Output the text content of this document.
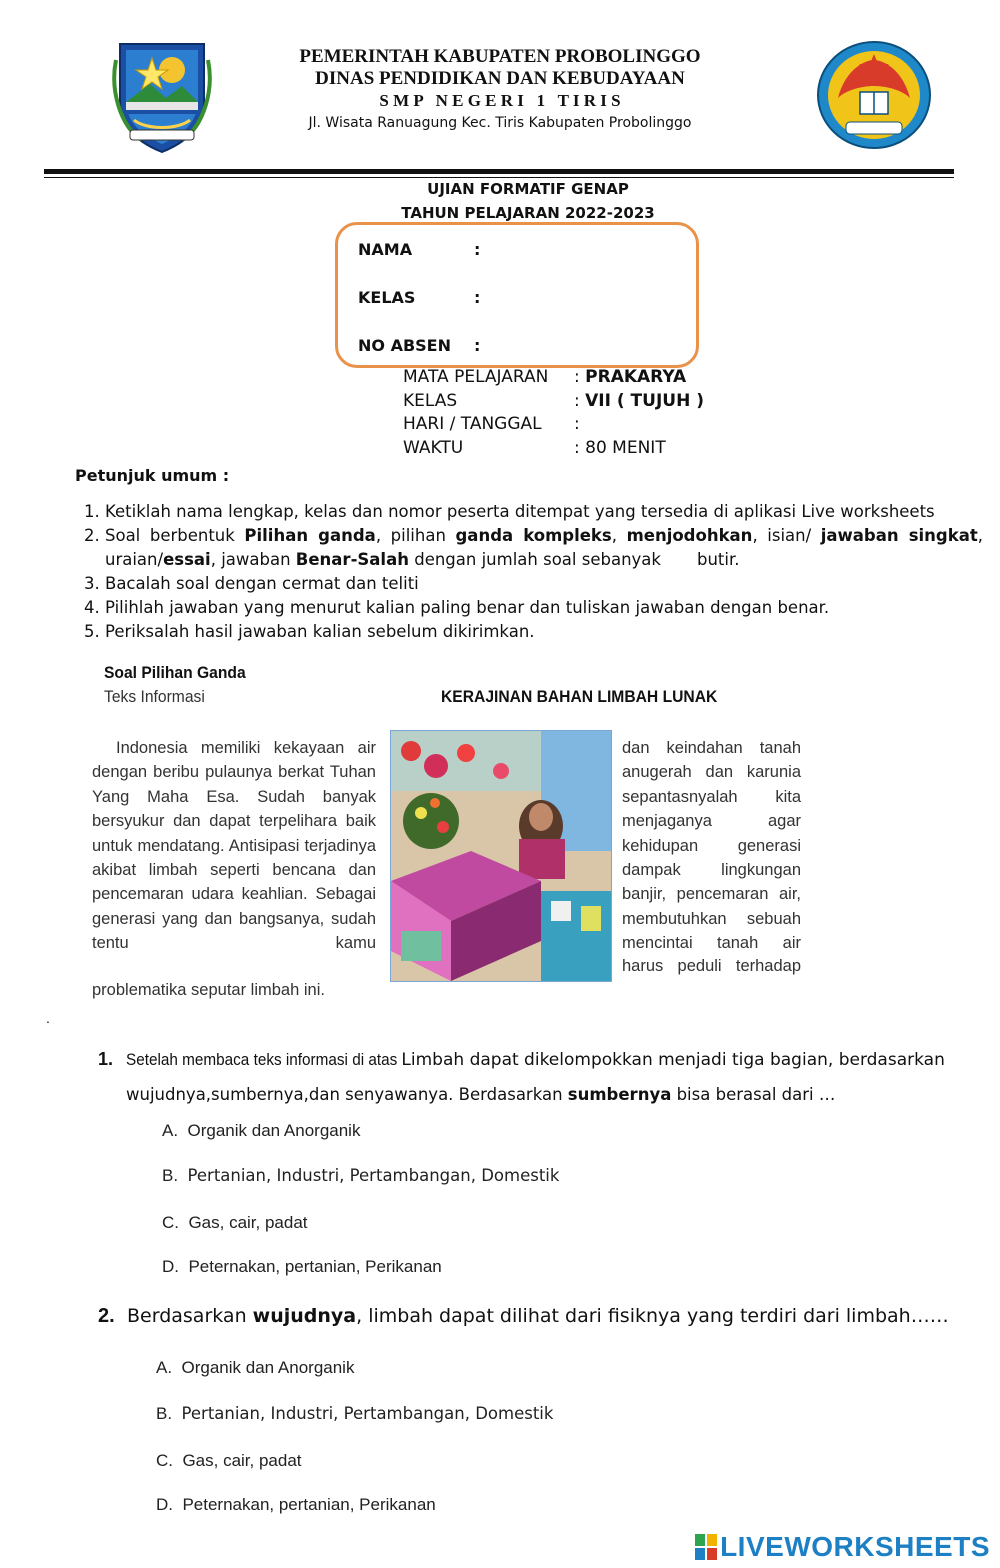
PEMERINTAH KABUPATEN PROBOLINGGO
DINAS PENDIDIKAN DAN KEBUDAYAAN
S M P   N E G E R I   1   T I R I S
Jl. Wisata Ranuagung Kec. Tiris Kabupaten Probolinggo
UJIAN FORMATIF GENAP
TAHUN PELAJARAN 2022-2023
NAMA	:
KELAS	:
NO ABSEN :
MATA PELAJARAN : PRAKARYA
KELAS	: VII ( TUJUH )
HARI / TANGGAL :
WAKTU	: 80 MENIT
Petunjuk umum :
1. Ketiklah nama lengkap, kelas dan nomor peserta ditempat yang tersedia di aplikasi Live worksheets
2. Soal berbentuk Pilihan ganda, pilihan ganda kompleks, menjodohkan, isian/ jawaban singkat, uraian/essai, jawaban Benar-Salah dengan jumlah soal sebanyak butir.
3. Bacalah soal dengan cermat dan teliti
4. Pilihlah jawaban yang menurut kalian paling benar dan tuliskan jawaban dengan benar.
5. Periksalah hasil jawaban kalian sebelum dikirimkan.
Soal Pilihan Ganda
Teks Informasi	KERAJINAN BAHAN LIMBAH LUNAK
Indonesia memiliki kekayaan air dengan beribu pulaunya berkat Tuhan Yang Maha Esa. Sudah banyak bersyukur dan dapat terpelihara baik untuk mendatang. Antisipasi terjadinya akibat limbah seperti bencana dan pencemaran udara keahlian. Sebagai generasi yang dan bangsanya, sudah tentu kamu
problematika seputar limbah ini.
dan keindahan tanah anugerah dan karunia sepantasnyalah kita menjaganya agar kehidupan generasi dampak lingkungan banjir, pencemaran air, membutuhkan sebuah mencintai tanah air
harus peduli terhadap
.
1. Setelah membaca teks informasi di atasLimbah dapat dikelompokkan menjadi tiga bagian, berdasarkan
wujudnya,sumbernya,dan senyawanya. Berdasarkan sumbernya bisa berasal dari …
A. Organik dan Anorganik
B. Pertanian, Industri, Pertambangan, Domestik
C. Gas, cair, padat
D. Peternakan, pertanian, Perikanan
2. Berdasarkan wujudnya, limbah dapat dilihat dari fisiknya yang terdiri dari limbah……
A. Organik dan Anorganik
B. Pertanian, Industri, Pertambangan, Domestik
C. Gas, cair, padat
D. Peternakan, pertanian, Perikanan
LIVEWORKSHEETS
